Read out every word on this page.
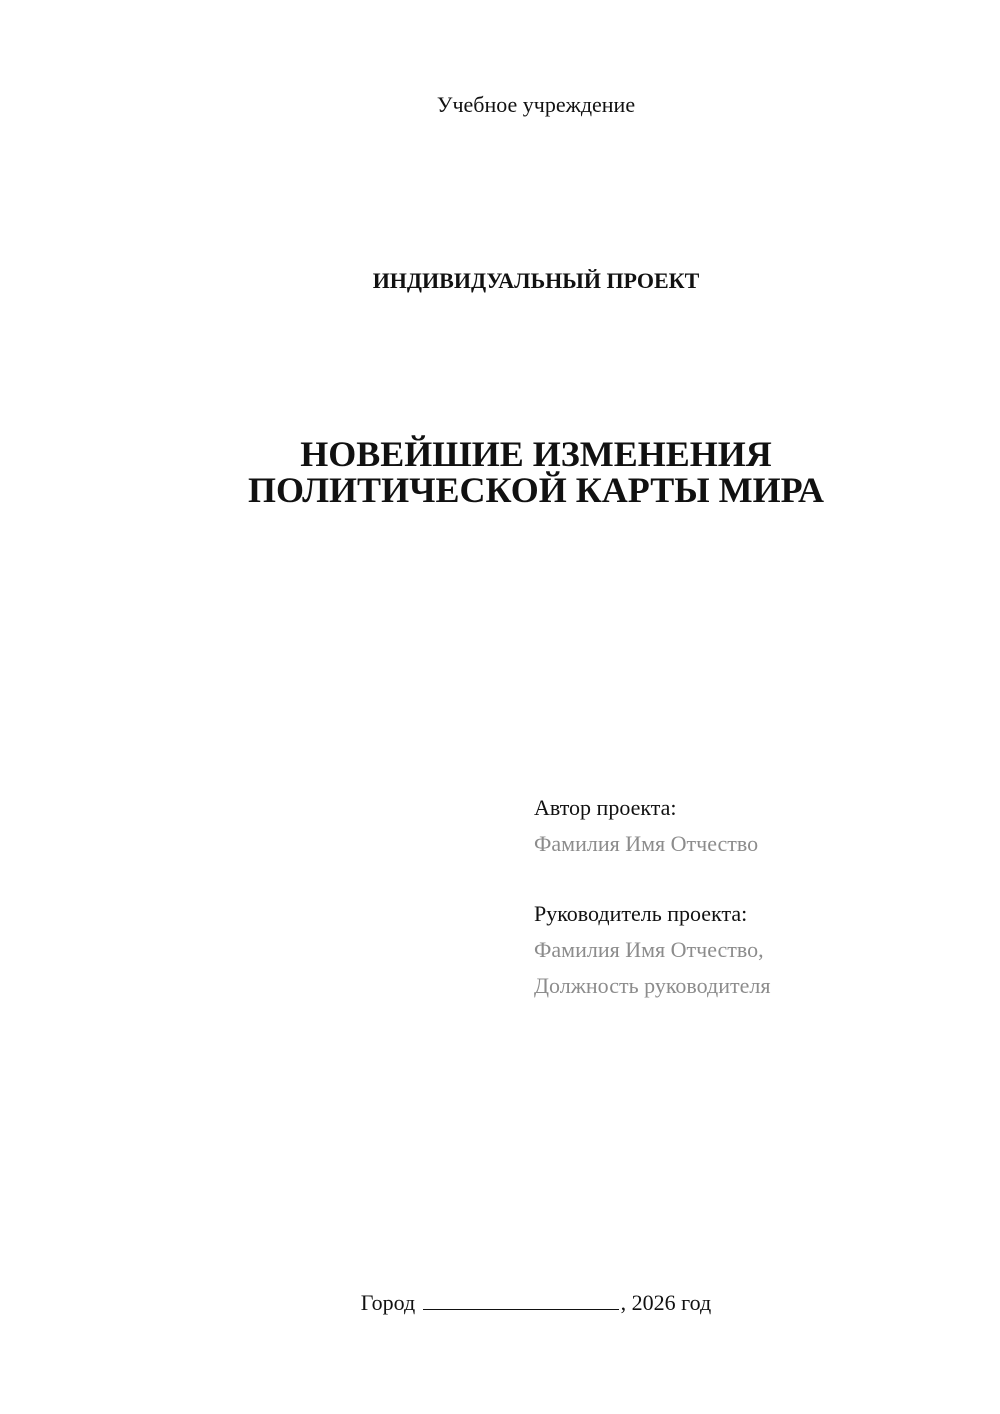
Учебное учреждение
ИНДИВИДУАЛЬНЫЙ ПРОЕКТ
НОВЕЙШИЕ ИЗМЕНЕНИЯ
ПОЛИТИЧЕСКОЙ КАРТЫ МИРА
Автор проекта:
Фамилия Имя Отчество
Руководитель проекта:
Фамилия Имя Отчество,
Должность руководителя
Город	, 2026 год
